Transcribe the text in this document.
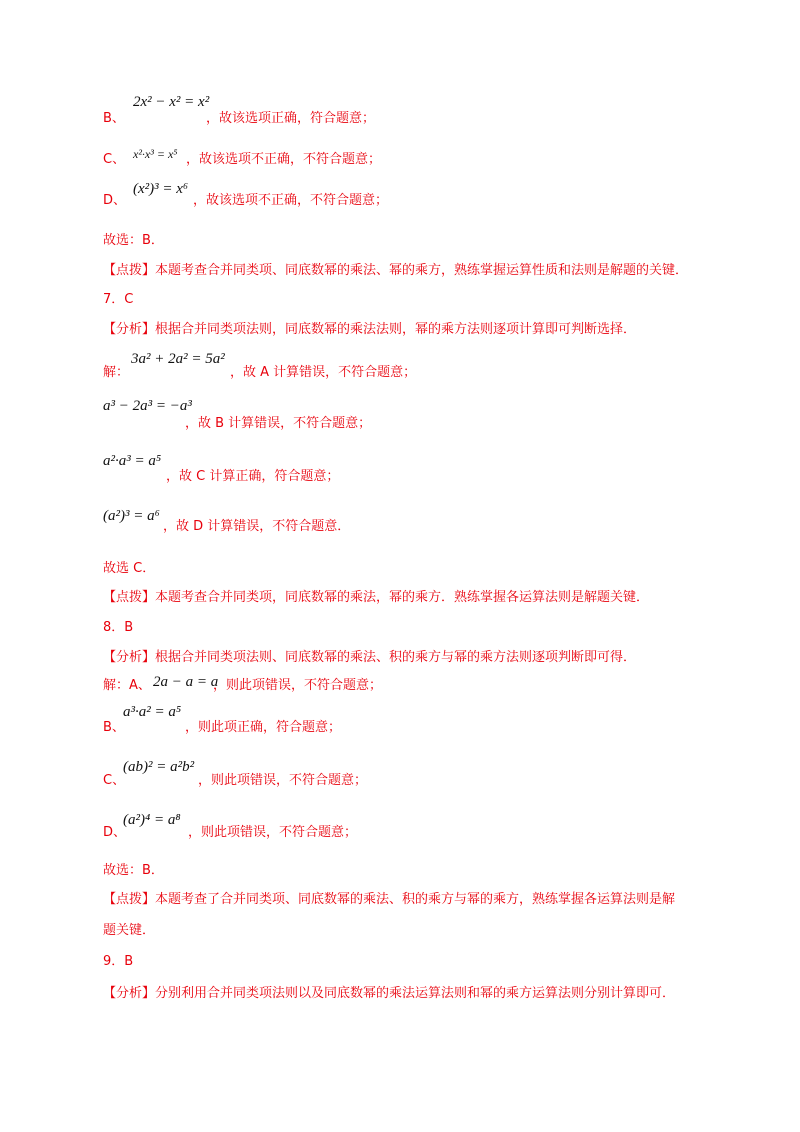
B、
2x² − x² = x²
，故该选项正确，符合题意；
C、 x²·x³ = x⁵ ，故该选项不正确，不符合题意；
D、
(x²)³ = x⁶
，故该选项不正确，不符合题意；
故选：B．
【点拨】本题考查合并同类项、同底数幂的乘法、幂的乘方，熟练掌握运算性质和法则是解题的关键．
7．C
【分析】根据合并同类项法则，同底数幂的乘法法则，幂的乘方法则逐项计算即可判断选择．
解：
3a² + 2a² = 5a²
，故 A 计算错误，不符合题意；
a³ − 2a³ = −a³
，故 B 计算错误，不符合题意；
a²·a³ = a⁵
，故 C 计算正确，符合题意；
(a²)³ = a⁶
，故 D 计算错误，不符合题意．
故选 C．
【点拨】本题考查合并同类项，同底数幂的乘法，幂的乘方．熟练掌握各运算法则是解题关键．
8．B
【分析】根据合并同类项法则、同底数幂的乘法、积的乘方与幂的乘方法则逐项判断即可得．
解：A、 2a − a = a
，则此项错误，不符合题意；
B、
a³·a² = a⁵
，则此项正确，符合题意；
C、
(ab)² = a²b²
，则此项错误，不符合题意；
D、
(a²)⁴ = a⁸
，则此项错误，不符合题意；
故选：B．
【点拨】本题考查了合并同类项、同底数幂的乘法、积的乘方与幂的乘方，熟练掌握各运算法则是解
题关键．
9．B
【分析】分别利用合并同类项法则以及同底数幂的乘法运算法则和幂的乘方运算法则分别计算即可．
